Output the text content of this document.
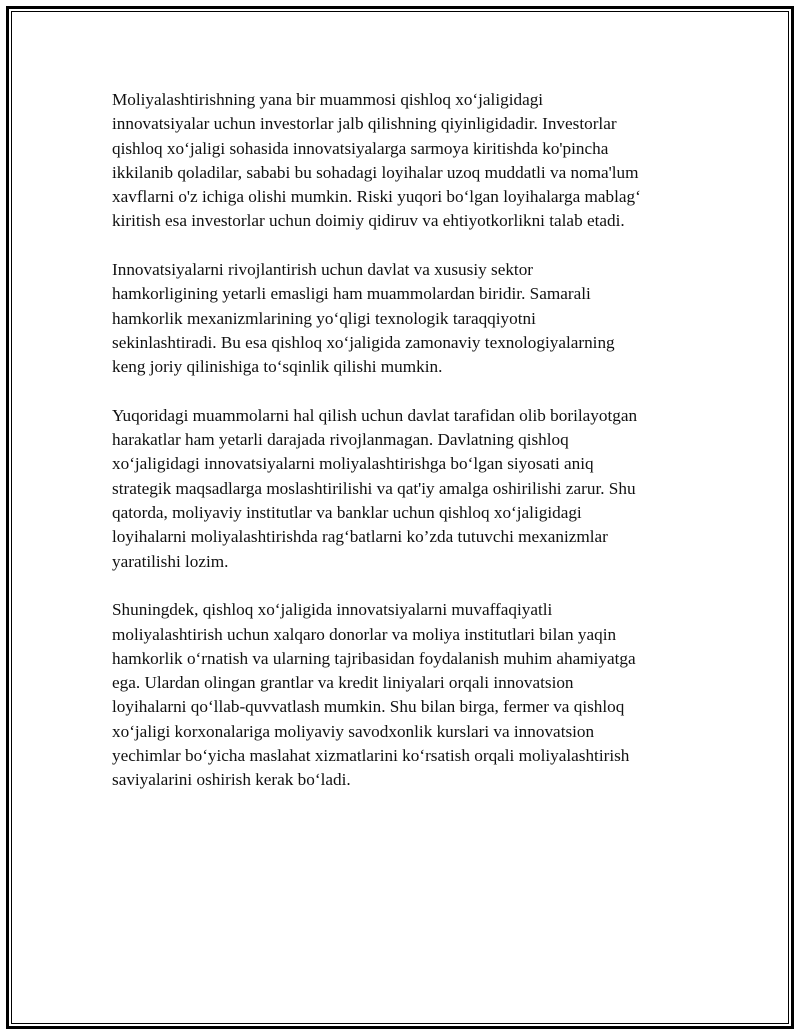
Moliyalashtirishning yana bir muammosi qishloq xo‘jaligidagi
innovatsiyalar uchun investorlar jalb qilishning qiyinligidadir. Investorlar
qishloq xo‘jaligi sohasida innovatsiyalarga sarmoya kiritishda ko'pincha
ikkilanib qoladilar, sababi bu sohadagi loyihalar uzoq muddatli va noma'lum
xavflarni o'z ichiga olishi mumkin. Riski yuqori bo‘lgan loyihalarga mablag‘
kiritish esa investorlar uchun doimiy qidiruv va ehtiyotkorlikni talab etadi.

Innovatsiyalarni rivojlantirish uchun davlat va xususiy sektor
hamkorligining yetarli emasligi ham muammolardan biridir. Samarali
hamkorlik mexanizmlarining yo‘qligi texnologik taraqqiyotni
sekinlashtiradi. Bu esa qishloq xo‘jaligida zamonaviy texnologiyalarning
keng joriy qilinishiga to‘sqinlik qilishi mumkin.

Yuqoridagi muammolarni hal qilish uchun davlat tarafidan olib borilayotgan
harakatlar ham yetarli darajada rivojlanmagan. Davlatning qishloq
xo‘jaligidagi innovatsiyalarni moliyalashtirishga bo‘lgan siyosati aniq
strategik maqsadlarga moslashtirilishi va qat'iy amalga oshirilishi zarur. Shu
qatorda, moliyaviy institutlar va banklar uchun qishloq xo‘jaligidagi
loyihalarni moliyalashtirishda rag‘batlarni ko’zda tutuvchi mexanizmlar
yaratilishi lozim.

Shuningdek, qishloq xo‘jaligida innovatsiyalarni muvaffaqiyatli
moliyalashtirish uchun xalqaro donorlar va moliya institutlari bilan yaqin
hamkorlik o‘rnatish va ularning tajribasidan foydalanish muhim ahamiyatga
ega. Ulardan olingan grantlar va kredit liniyalari orqali innovatsion
loyihalarni qo‘llab-quvvatlash mumkin. Shu bilan birga, fermer va qishloq
xo‘jaligi korxonalariga moliyaviy savodxonlik kurslari va innovatsion
yechimlar bo‘yicha maslahat xizmatlarini ko‘rsatish orqali moliyalashtirish
saviyalarini oshirish kerak bo‘ladi.
